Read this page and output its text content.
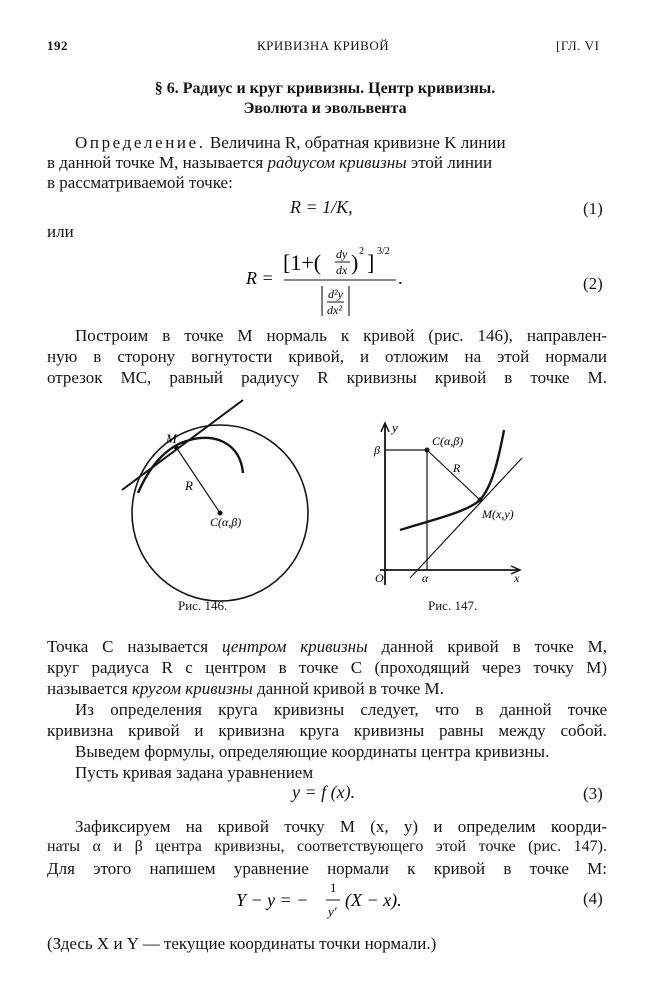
192	КРИВИЗНА КРИВОЙ	[ГЛ. VI
§ 6. Радиус и круг кривизны. Центр кривизны.
Эволюта и эвольвента
Определение. Величина R, обратная кривизне K линии
в данной точке M, называется радиусом кривизны этой линии
в рассматриваемой точке:
R = 1/K,	(1)
или
R =
[1+( dy
dx ) 2 ] 3/2
d²y
dx²
.	(2)
Построим в точке M нормаль к кривой (рис. 146), направлен-
ную в сторону вогнутости кривой, и отложим на этой нормали
отрезок MC, равный радиусу R кривизны кривой в точке M.
M
R
C(α,β)
Рис. 146.
y
β
C(α,β)
R
M(x,y)
O	α	x
Рис. 147.
Точка C называется центром кривизны данной кривой в точке M,
круг радиуса R с центром в точке C (проходящий через точку M)
называется кругом кривизны данной кривой в точке M.
Из определения круга кривизны следует, что в данной точке
кривизна кривой и кривизна круга кривизны равны между собой.
Выведем формулы, определяющие координаты центра кривизны.
Пусть кривая задана уравнением
y = f (x).	(3)
Зафиксируем на кривой точку M (x, y) и определим коорди-
наты α и β центра кривизны, соответствующего этой точке (рис. 147).
Для этого напишем уравнение нормали к кривой в точке M:
Y − y = −
1
y′
(X − x).	(4)
(Здесь X и Y — текущие координаты точки нормали.)
